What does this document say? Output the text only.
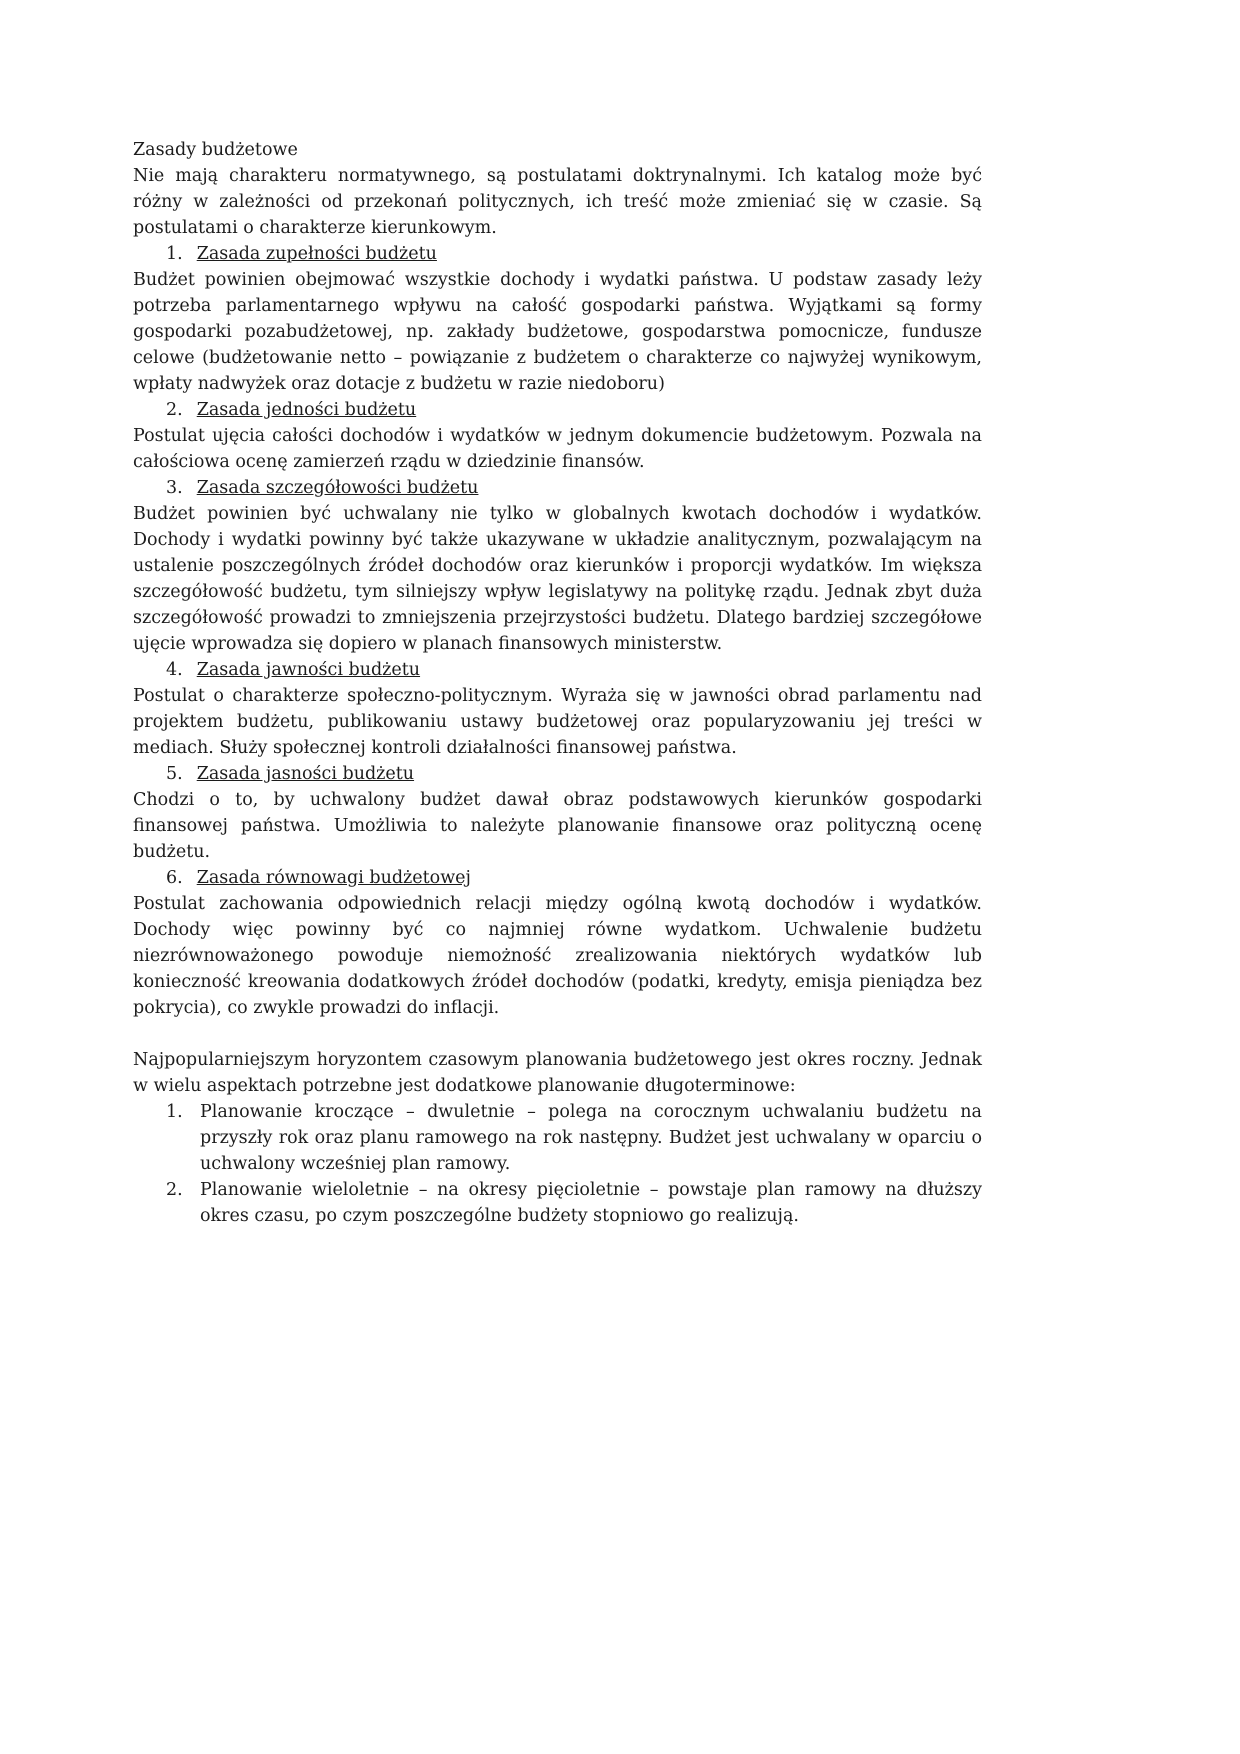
Zasady budżetowe

Nie mają charakteru normatywnego, są postulatami doktrynalnymi. Ich katalog może być różny w zależności od przekonań politycznych, ich treść może zmieniać się w czasie. Są postulatami o charakterze kierunkowym.

1. Zasada zupełności budżetu

Budżet powinien obejmować wszystkie dochody i wydatki państwa. U podstaw zasady leży potrzeba parlamentarnego wpływu na całość gospodarki państwa. Wyjątkami są formy gospodarki pozabudżetowej, np. zakłady budżetowe, gospodarstwa pomocnicze, fundusze celowe (budżetowanie netto – powiązanie z budżetem o charakterze co najwyżej wynikowym, wpłaty nadwyżek oraz dotacje z budżetu w razie niedoboru)

2. Zasada jedności budżetu

Postulat ujęcia całości dochodów i wydatków w jednym dokumencie budżetowym. Pozwala na całościowa ocenę zamierzeń rządu w dziedzinie finansów.

3. Zasada szczegółowości budżetu

Budżet powinien być uchwalany nie tylko w globalnych kwotach dochodów i wydatków. Dochody i wydatki powinny być także ukazywane w układzie analitycznym, pozwalającym na ustalenie poszczególnych źródeł dochodów oraz kierunków i proporcji wydatków. Im większa szczegółowość budżetu, tym silniejszy wpływ legislatywy na politykę rządu. Jednak zbyt duża szczegółowość prowadzi to zmniejszenia przejrzystości budżetu. Dlatego bardziej szczegółowe ujęcie wprowadza się dopiero w planach finansowych ministerstw.

4. Zasada jawności budżetu

Postulat o charakterze społeczno-politycznym. Wyraża się w jawności obrad parlamentu nad projektem budżetu, publikowaniu ustawy budżetowej oraz popularyzowaniu jej treści w mediach. Służy społecznej kontroli działalności finansowej państwa.

5. Zasada jasności budżetu

Chodzi o to, by uchwalony budżet dawał obraz podstawowych kierunków gospodarki finansowej państwa. Umożliwia to należyte planowanie finansowe oraz polityczną ocenę budżetu.

6. Zasada równowagi budżetowej

Postulat zachowania odpowiednich relacji między ogólną kwotą dochodów i wydatków. Dochody więc powinny być co najmniej równe wydatkom. Uchwalenie budżetu niezrównoważonego powoduje niemożność zrealizowania niektórych wydatków lub konieczność kreowania dodatkowych źródeł dochodów (podatki, kredyty, emisja pieniądza bez pokrycia), co zwykle prowadzi do inflacji.

Najpopularniejszym horyzontem czasowym planowania budżetowego jest okres roczny. Jednak w wielu aspektach potrzebne jest dodatkowe planowanie długoterminowe:

1. Planowanie kroczące – dwuletnie – polega na corocznym uchwalaniu budżetu na przyszły rok oraz planu ramowego na rok następny. Budżet jest uchwalany w oparciu o uchwalony wcześniej plan ramowy.
2. Planowanie wieloletnie – na okresy pięcioletnie – powstaje plan ramowy na dłuższy okres czasu, po czym poszczególne budżety stopniowo go realizują.
